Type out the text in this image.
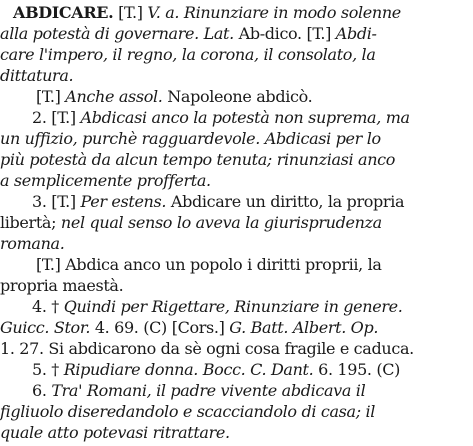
ABDICARE. [T.] V. a. Rinunziare in modo solenne
alla potestà di governare. Lat. Ab-dico. [T.] Abdi-
care l'impero, il regno, la corona, il consolato, la
dittatura.
[T.] Anche assol. Napoleone abdicò.
2. [T.] Abdicasi anco la potestà non suprema, ma
un uffizio, purchè ragguardevole. Abdicasi per lo
più potestà da alcun tempo tenuta; rinunziasi anco
a semplicemente profferta.
3. [T.] Per estens. Abdicare un diritto, la propria
libertà; nel qual senso lo aveva la giurisprudenza
romana.
[T.] Abdica anco un popolo i diritti proprii, la
propria maestà.
4. † Quindi per Rigettare, Rinunziare in genere.
Guicc. Stor. 4. 69. (C) [Cors.] G. Batt. Albert. Op.
1. 27. Si abdicarono da sè ogni cosa fragile e caduca.
5. † Ripudiare donna. Bocc. C. Dant. 6. 195. (C)
6. Tra' Romani, il padre vivente abdicava il
figliuolo diseredandolo e scacciandolo di casa; il
quale atto potevasi ritrattare.
